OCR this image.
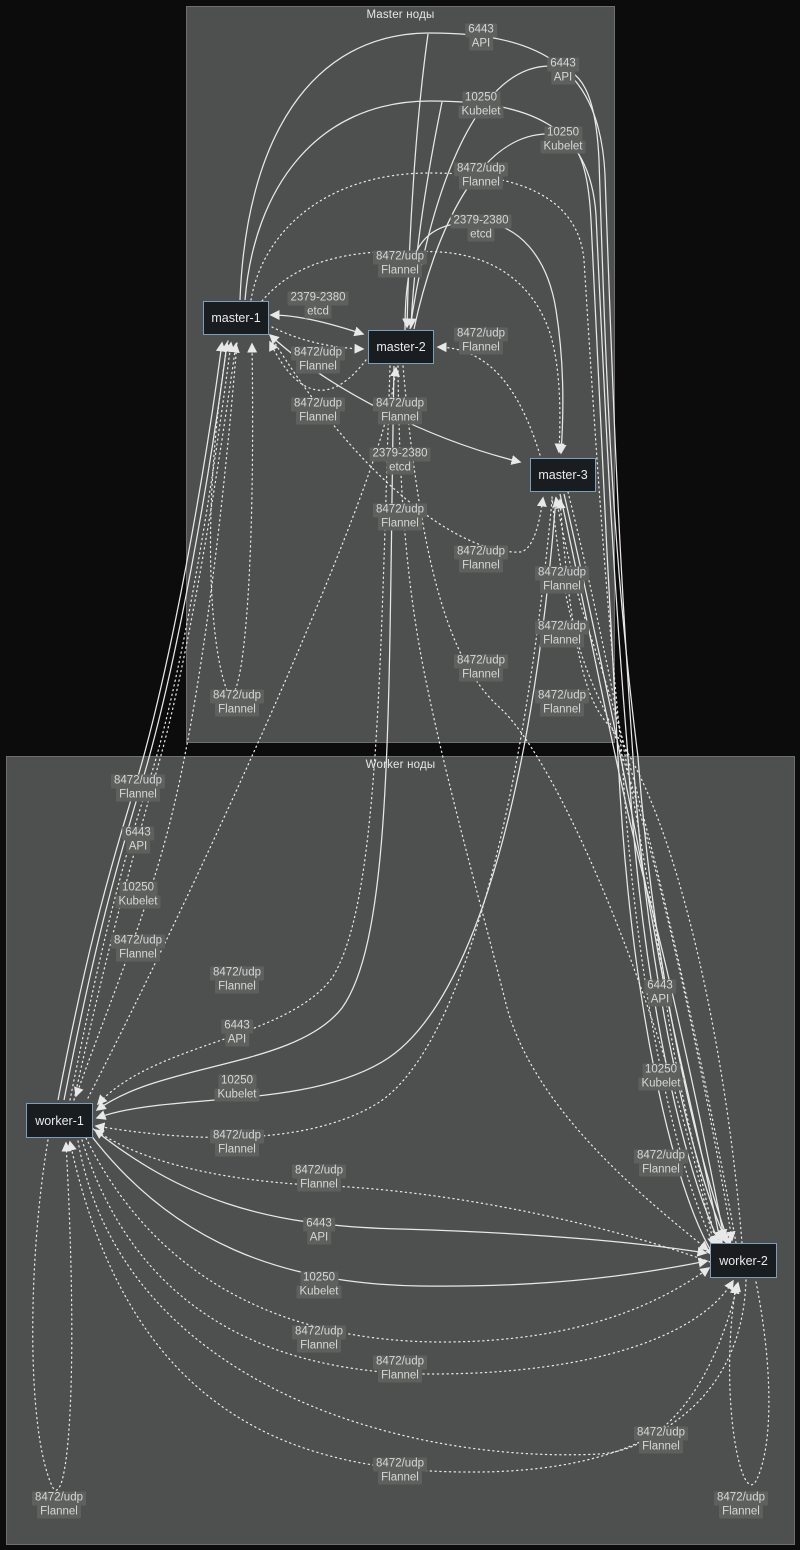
Master ноды
Worker ноды
6443
API
6443
API
10250
Kubelet
10250
Kubelet
8472/udp
Flannel
2379-2380
etcd
8472/udp
Flannel
2379-2380
etcd
8472/udp
Flannel
8472/udp
Flannel
8472/udp
Flannel
8472/udp
Flannel
2379-2380
etcd
8472/udp
Flannel
8472/udp
Flannel
8472/udp
Flannel
8472/udp
Flannel
8472/udp
Flannel
8472/udp
Flannel
8472/udp
Flannel
8472/udp
Flannel
6443
API
10250
Kubelet
8472/udp
Flannel
8472/udp
Flannel
6443
API
10250
Kubelet
8472/udp
Flannel
8472/udp
Flannel
6443
API
10250
Kubelet
8472/udp
Flannel
8472/udp
Flannel
8472/udp
Flannel
6443
API
10250
Kubelet
8472/udp
Flannel
8472/udp
Flannel
8472/udp
Flannel
8472/udp
Flannel
master-1
master-2
master-3
worker-1
worker-2
